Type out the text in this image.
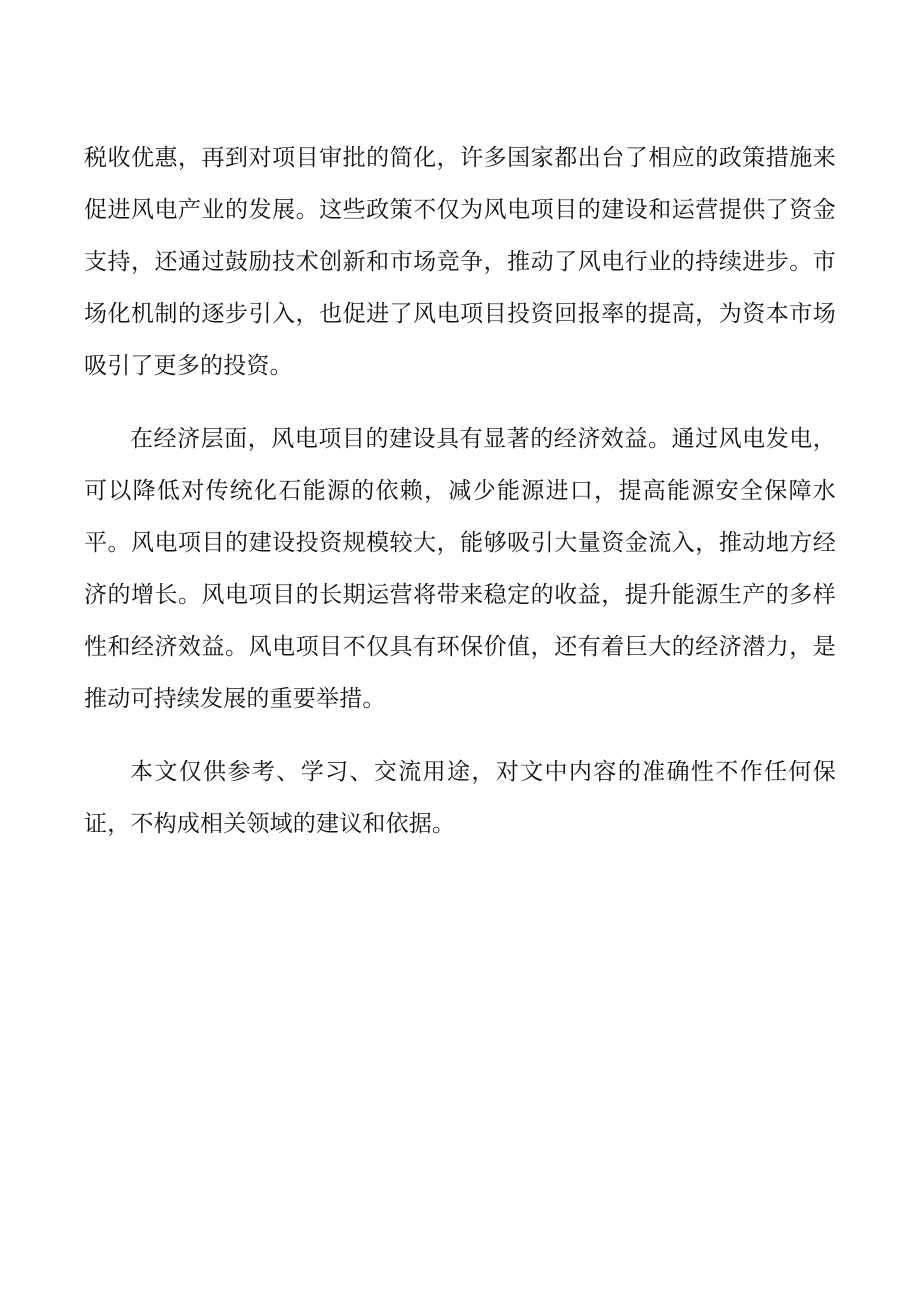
税收优惠，再到对项目审批的简化，许多国家都出台了相应的政策措施来促进风电产业的发展。这些政策不仅为风电项目的建设和运营提供了资金支持，还通过鼓励技术创新和市场竞争，推动了风电行业的持续进步。市场化机制的逐步引入，也促进了风电项目投资回报率的提高，为资本市场吸引了更多的投资。

在经济层面，风电项目的建设具有显著的经济效益。通过风电发电，可以降低对传统化石能源的依赖，减少能源进口，提高能源安全保障水平。风电项目的建设投资规模较大，能够吸引大量资金流入，推动地方经济的增长。风电项目的长期运营将带来稳定的收益，提升能源生产的多样性和经济效益。风电项目不仅具有环保价值，还有着巨大的经济潜力，是推动可持续发展的重要举措。

本文仅供参考、学习、交流用途，对文中内容的准确性不作任何保证，不构成相关领域的建议和依据。
